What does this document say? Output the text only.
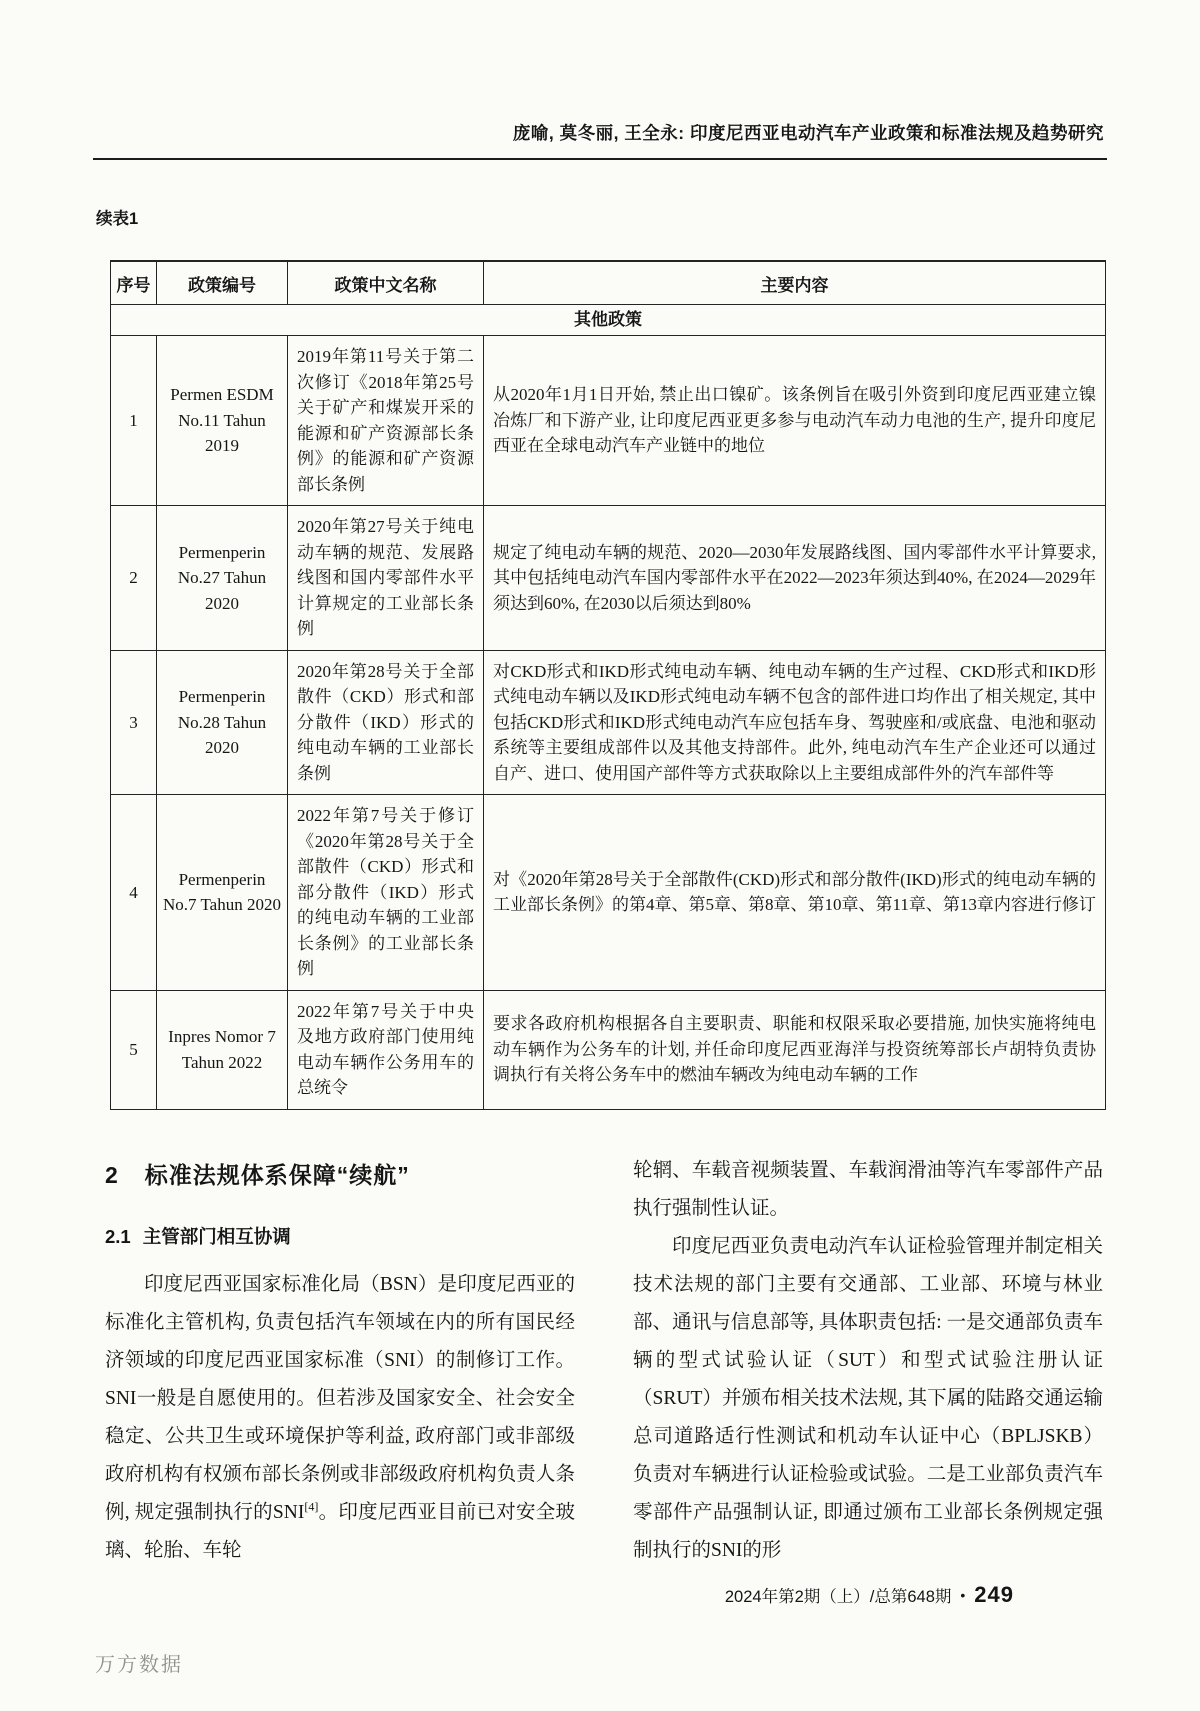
庞喻, 莫冬丽, 王全永: 印度尼西亚电动汽车产业政策和标准法规及趋势研究
续表1
序号	政策编号	政策中文名称	主要内容
其他政策			
1	Permen ESDM No.11 Tahun 2019	2019年第11号关于第二次修订《2018年第25号关于矿产和煤炭开采的能源和矿产资源部长条例》的能源和矿产资源部长条例	从2020年1月1日开始, 禁止出口镍矿。该条例旨在吸引外资到印度尼西亚建立镍冶炼厂和下游产业, 让印度尼西亚更多参与电动汽车动力电池的生产, 提升印度尼西亚在全球电动汽车产业链中的地位
2	Permenperin No.27 Tahun 2020	2020年第27号关于纯电动车辆的规范、发展路线图和国内零部件水平计算规定的工业部长条例	规定了纯电动车辆的规范、2020—2030年发展路线图、国内零部件水平计算要求, 其中包括纯电动汽车国内零部件水平在2022—2023年须达到40%, 在2024—2029年须达到60%, 在2030以后须达到80%
3	Permenperin No.28 Tahun 2020	2020年第28号关于全部散件（CKD）形式和部分散件（IKD）形式的纯电动车辆的工业部长条例	对CKD形式和IKD形式纯电动车辆、纯电动车辆的生产过程、CKD形式和IKD形式纯电动车辆以及IKD形式纯电动车辆不包含的部件进口均作出了相关规定, 其中包括CKD形式和IKD形式纯电动汽车应包括车身、驾驶座和/或底盘、电池和驱动系统等主要组成部件以及其他支持部件。此外, 纯电动汽车生产企业还可以通过自产、进口、使用国产部件等方式获取除以上主要组成部件外的汽车部件等
4	Permenperin No.7 Tahun 2020	2022年第7号关于修订《2020年第28号关于全部散件（CKD）形式和部分散件（IKD）形式的纯电动车辆的工业部长条例》的工业部长条例	对《2020年第28号关于全部散件(CKD)形式和部分散件(IKD)形式的纯电动车辆的工业部长条例》的第4章、第5章、第8章、第10章、第11章、第13章内容进行修订
5	Inpres Nomor 7 Tahun 2022	2022年第7号关于中央及地方政府部门使用纯电动车辆作公务用车的总统令	要求各政府机构根据各自主要职责、职能和权限采取必要措施, 加快实施将纯电动车辆作为公务车的计划, 并任命印度尼西亚海洋与投资统筹部长卢胡特负责协调执行有关将公务车中的燃油车辆改为纯电动车辆的工作
2 标准法规体系保障“续航”
2.1 主管部门相互协调

印度尼西亚国家标准化局（BSN）是印度尼西亚的标准化主管机构, 负责包括汽车领域在内的所有国民经济领域的印度尼西亚国家标准（SNI）的制修订工作。SNI一般是自愿使用的。但若涉及国家安全、社会安全稳定、公共卫生或环境保护等利益, 政府部门或非部级政府机构有权颁布部长条例或非部级政府机构负责人条例, 规定强制执行的SNI[4]。印度尼西亚目前已对安全玻璃、轮胎、车轮

轮辋、车载音视频装置、车载润滑油等汽车零部件产品执行强制性认证。

印度尼西亚负责电动汽车认证检验管理并制定相关技术法规的部门主要有交通部、工业部、环境与林业部、通讯与信息部等, 具体职责包括: 一是交通部负责车辆的型式试验认证（SUT）和型式试验注册认证（SRUT）并颁布相关技术法规, 其下属的陆路交通运输总司道路适行性测试和机动车认证中心（BPLJSKB）负责对车辆进行认证检验或试验。二是工业部负责汽车零部件产品强制认证, 即通过颁布工业部长条例规定强制执行的SNI的形

2024年第2期（上）/总第648期 • 249
万方数据
